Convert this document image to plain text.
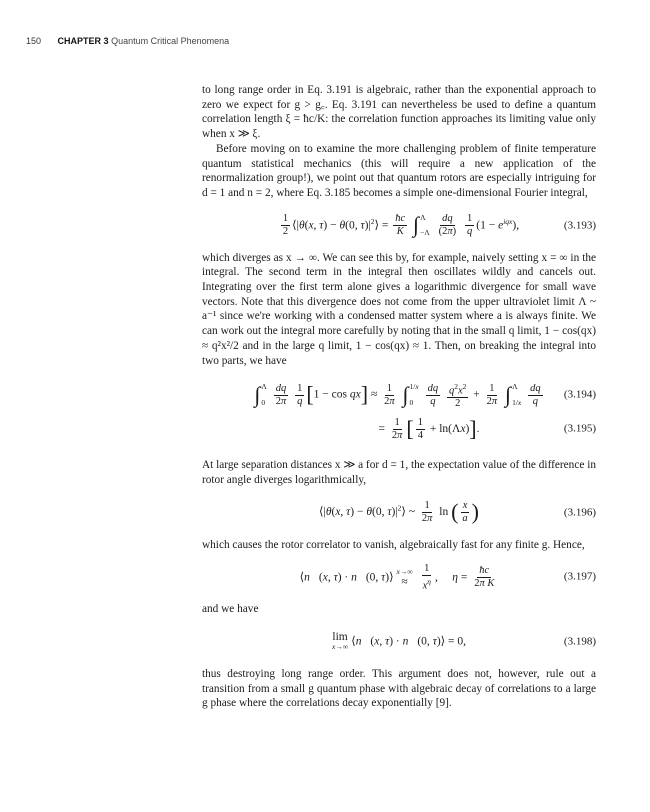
150 CHAPTER 3 Quantum Critical Phenomena

to long range order in Eq. 3.191 is algebraic, rather than the exponential approach to zero we expect for g > g꜀. Eq. 3.191 can nevertheless be used to define a quantum correlation length ξ = ħc/K: the correlation function approaches its limiting value only when x ≫ ξ.

Before moving on to examine the more challenging problem of finite temperature quantum statistical mechanics (this will require a new application of the renormalization group!), we point out that quantum rotors are especially intriguing for d = 1 and n = 2, where Eq. 3.185 becomes a simple one-dimensional Fourier integral,

$\frac{1}{2}$ ⟨|θ(x, τ) − θ(0, $\tau)|^2⟩ = \frac{ħc}{K}$ ∫ Λ
−Λ
$\frac{dq}{(2\pi)}$
$\frac{1}{q} (1 - e^{iqx})$,	(3.193)

which diverges as x → ∞. We can see this by, for example, naively setting x = ∞ in the integral. The second term in the integral then oscillates wildly and cancels out. Integrating over the first term alone gives a logarithmic divergence for small wave vectors. Note that this divergence does not come from the upper ultraviolet limit Λ ~ a⁻¹ since we're working with a condensed matter system where a is always finite. We can work out the integral more carefully by noting that in the small q limit, 1 − cos(qx) ≈ q²x²/2 and in the large q limit, 1 − cos(qx) ≈ 1. Then, on breaking the integral into two parts, we have

∫ Λ
0
$\frac{dq}{2\pi}$
$\frac{1}{q} [1 - \cos qx] \approx \frac{1}{2\pi}$ ∫ 1/x
0
	$\frac{dq}{q}$
$\frac{q^2x^2}{2} + \frac{1}{2\pi}$ ∫ Λ
1/x
$\frac{dq}{q} (3.194)$
= $\frac{1}{2\pi}$ [ $\frac{1}{4} + \ln(\Lambda x)$].	(3.195)

At large separation distances x ≫ a for d = 1, the expectation value of the difference in rotor angle diverges logarithmically,

⟨|θ(x, τ) − θ(0, $\tau)|^2⟩$ ~ $\frac{1}{2\pi}$ ln ( $\frac{x}{a}$ )	(3.196)

which causes the rotor correlator to vanish, algebraically fast for any finite g. Hence,

⟨n⃗(x, τ) · n⃗(0, τ)⟩ x→∞
≈
$\frac{1}{x^\eta}$ ,     $\eta = \frac{ħc}{\text{2π K}}$	(3.197)

and we have

lim
x→∞ ⟨n⃗(x, τ) · n⃗(0, τ)⟩ = 0,	(3.198)

thus destroying long range order. This argument does not, however, rule out a transition from a small g quantum phase with algebraic decay of correlations to a large g phase where the correlations decay exponentially [9].
